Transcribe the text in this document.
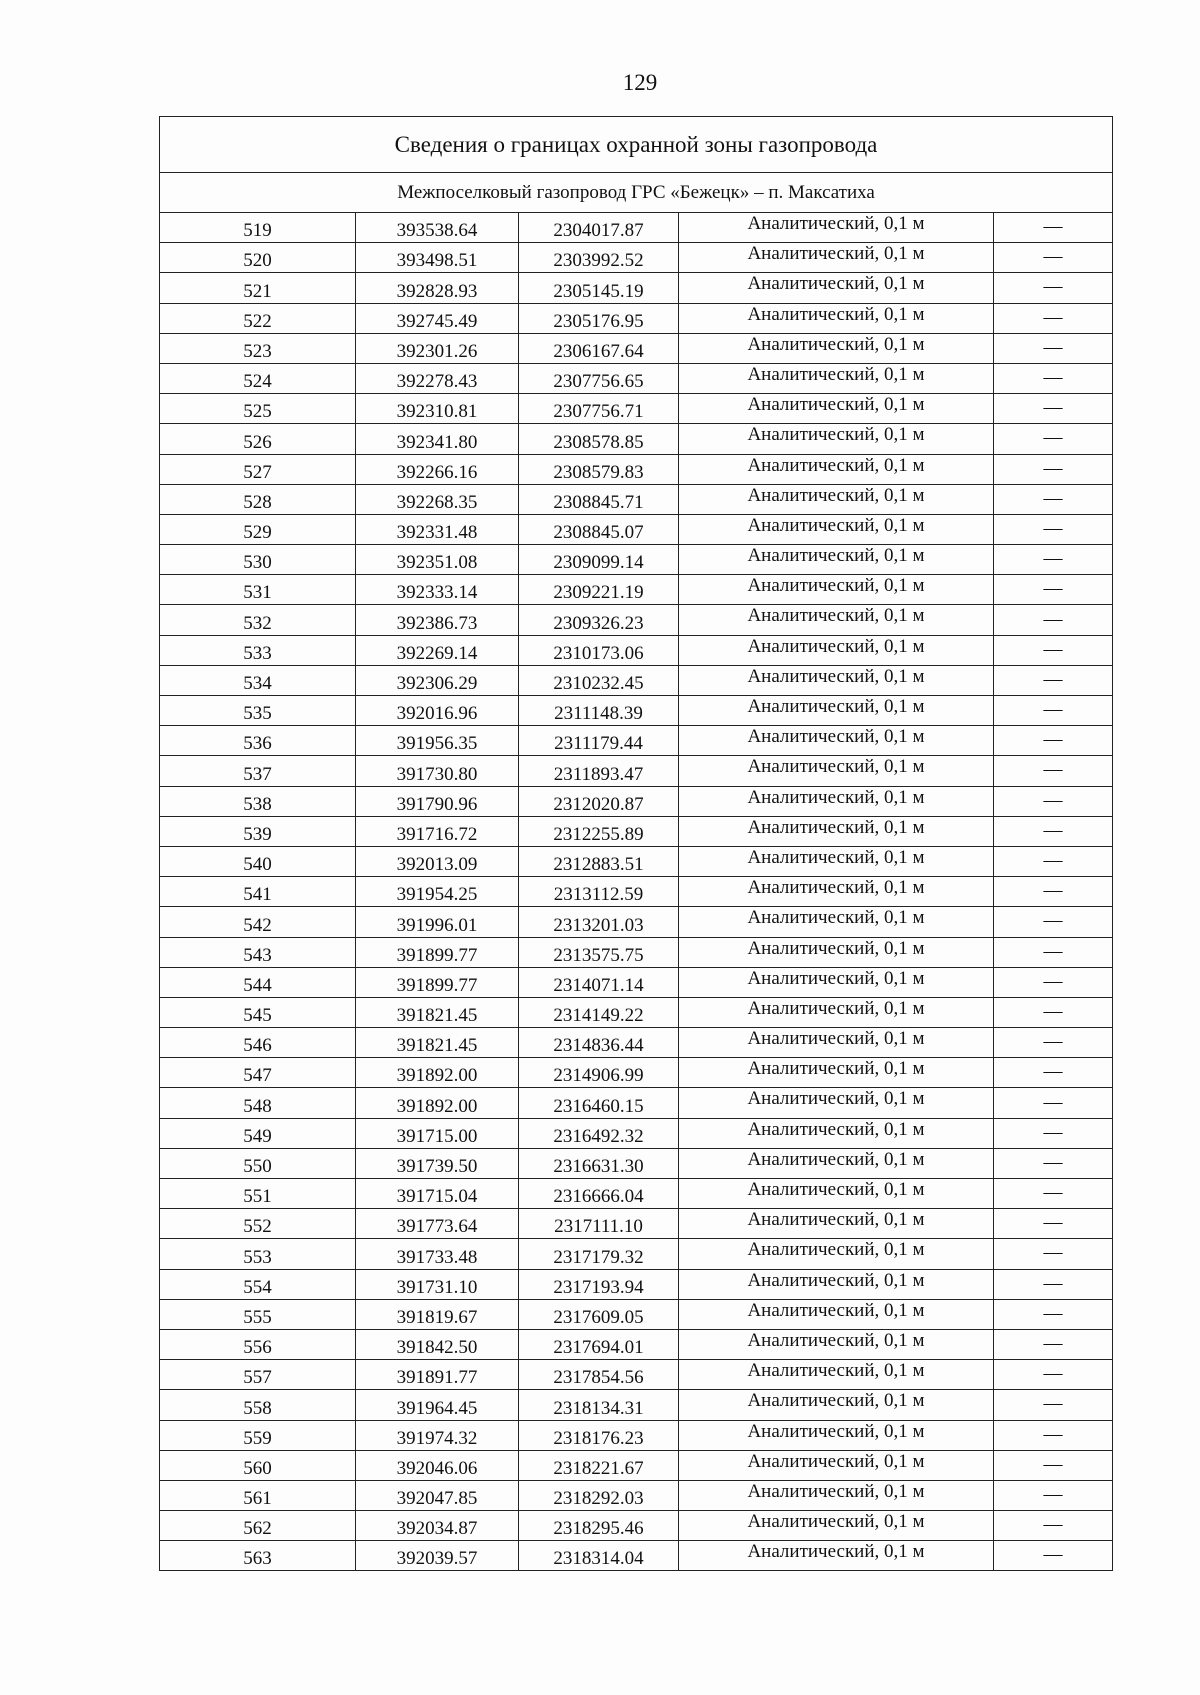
129
Сведения о границах охранной зоны газопровода				
Межпоселковый газопровод ГРС «Бежецк» – п. Максатиха				
519	393538.64	2304017.87	Аналитический, 0,1 м	—
520	393498.51	2303992.52	Аналитический, 0,1 м	—
521	392828.93	2305145.19	Аналитический, 0,1 м	—
522	392745.49	2305176.95	Аналитический, 0,1 м	—
523	392301.26	2306167.64	Аналитический, 0,1 м	—
524	392278.43	2307756.65	Аналитический, 0,1 м	—
525	392310.81	2307756.71	Аналитический, 0,1 м	—
526	392341.80	2308578.85	Аналитический, 0,1 м	—
527	392266.16	2308579.83	Аналитический, 0,1 м	—
528	392268.35	2308845.71	Аналитический, 0,1 м	—
529	392331.48	2308845.07	Аналитический, 0,1 м	—
530	392351.08	2309099.14	Аналитический, 0,1 м	—
531	392333.14	2309221.19	Аналитический, 0,1 м	—
532	392386.73	2309326.23	Аналитический, 0,1 м	—
533	392269.14	2310173.06	Аналитический, 0,1 м	—
534	392306.29	2310232.45	Аналитический, 0,1 м	—
535	392016.96	2311148.39	Аналитический, 0,1 м	—
536	391956.35	2311179.44	Аналитический, 0,1 м	—
537	391730.80	2311893.47	Аналитический, 0,1 м	—
538	391790.96	2312020.87	Аналитический, 0,1 м	—
539	391716.72	2312255.89	Аналитический, 0,1 м	—
540	392013.09	2312883.51	Аналитический, 0,1 м	—
541	391954.25	2313112.59	Аналитический, 0,1 м	—
542	391996.01	2313201.03	Аналитический, 0,1 м	—
543	391899.77	2313575.75	Аналитический, 0,1 м	—
544	391899.77	2314071.14	Аналитический, 0,1 м	—
545	391821.45	2314149.22	Аналитический, 0,1 м	—
546	391821.45	2314836.44	Аналитический, 0,1 м	—
547	391892.00	2314906.99	Аналитический, 0,1 м	—
548	391892.00	2316460.15	Аналитический, 0,1 м	—
549	391715.00	2316492.32	Аналитический, 0,1 м	—
550	391739.50	2316631.30	Аналитический, 0,1 м	—
551	391715.04	2316666.04	Аналитический, 0,1 м	—
552	391773.64	2317111.10	Аналитический, 0,1 м	—
553	391733.48	2317179.32	Аналитический, 0,1 м	—
554	391731.10	2317193.94	Аналитический, 0,1 м	—
555	391819.67	2317609.05	Аналитический, 0,1 м	—
556	391842.50	2317694.01	Аналитический, 0,1 м	—
557	391891.77	2317854.56	Аналитический, 0,1 м	—
558	391964.45	2318134.31	Аналитический, 0,1 м	—
559	391974.32	2318176.23	Аналитический, 0,1 м	—
560	392046.06	2318221.67	Аналитический, 0,1 м	—
561	392047.85	2318292.03	Аналитический, 0,1 м	—
562	392034.87	2318295.46	Аналитический, 0,1 м	—
563	392039.57	2318314.04	Аналитический, 0,1 м	—
